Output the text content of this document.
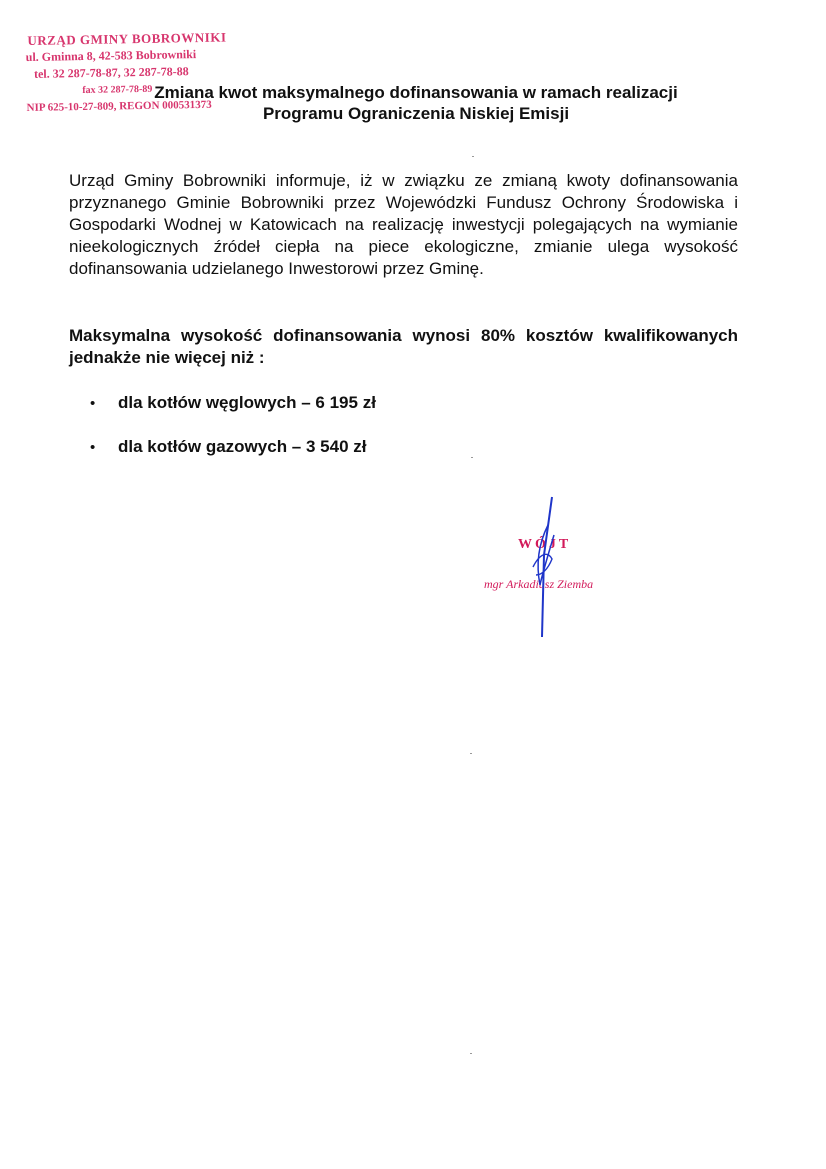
URZĄD GMINY BOBROWNIKI
ul. Gminna 8, 42-583 Bobrowniki
tel. 32 287-78-87, 32 287-78-88
fax 32 287-78-89
NIP 625-10-27-809, REGON 000531373
Zmiana kwot maksymalnego dofinansowania w ramach realizacji
Programu Ograniczenia Niskiej Emisji
Urząd Gminy Bobrowniki informuje, iż w związku ze zmianą kwoty dofinansowania przyznanego Gminie Bobrowniki przez Wojewódzki Fundusz Ochrony Środowiska i Gospodarki Wodnej w Katowicach na realizację inwestycji polegających na wymianie nieekologicznych źródeł ciepła na piece ekologiczne, zmianie ulega wysokość dofinansowania udzielanego Inwestorowi przez Gminę.
Maksymalna wysokość dofinansowania wynosi 80% kosztów kwalifikowanych jednakże nie więcej niż :
•	dla kotłów węglowych – 6 195 zł
•	dla kotłów gazowych – 3 540 zł
WÓJT
mgr Arkadiusz Ziemba
